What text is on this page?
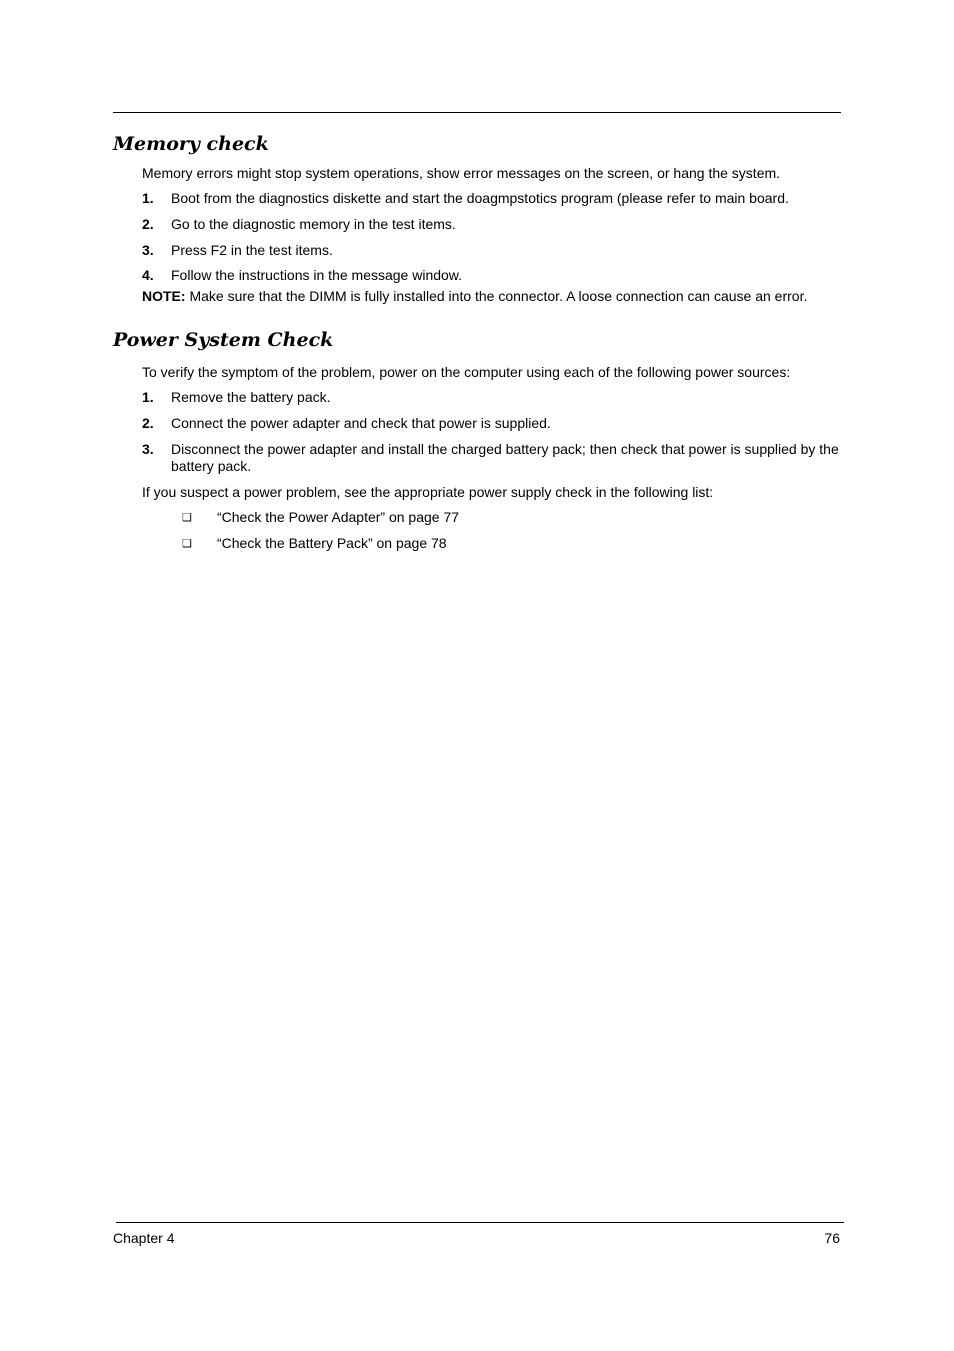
Memory check

Memory errors might stop system operations, show error messages on the screen, or hang the system.

1. Boot from the diagnostics diskette and start the doagmpstotics program (please refer to main board.
2. Go to the diagnostic memory in the test items.
3. Press F2 in the test items.
4. Follow the instructions in the message window.

NOTE: Make sure that the DIMM is fully installed into the connector. A loose connection can cause an error.

Power System Check

To verify the symptom of the problem, power on the computer using each of the following power sources:

1. Remove the battery pack.
2. Connect the power adapter and check that power is supplied.
3. Disconnect the power adapter and install the charged battery pack; then check that power is supplied by the battery pack.

If you suspect a power problem, see the appropriate power supply check in the following list:

❑ “Check the Power Adapter” on page 77
❑ “Check the Battery Pack” on page 78
Chapter 4	76
